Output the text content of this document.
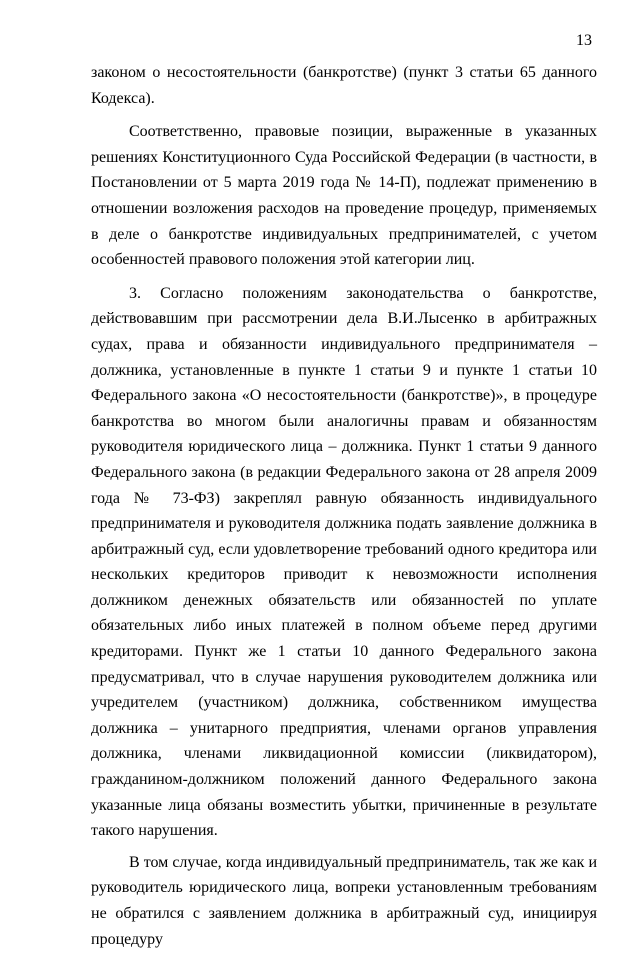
13

законом о несостоятельности (банкротстве) (пункт 3 статьи 65 данного Кодекса).

Соответственно, правовые позиции, выраженные в указанных решениях Конституционного Суда Российской Федерации (в частности, в Постановлении от 5 марта 2019 года № 14-П), подлежат применению в отношении возложения расходов на проведение процедур, применяемых в деле о банкротстве индивидуальных предпринимателей, с учетом особенностей правового положения этой категории лиц.

3. Согласно положениям законодательства о банкротстве, действовавшим при рассмотрении дела В.И.Лысенко в арбитражных судах, права и обязанности индивидуального предпринимателя – должника, установленные в пункте 1 статьи 9 и пункте 1 статьи 10 Федерального закона «О несостоятельности (банкротстве)», в процедуре банкротства во многом были аналогичны правам и обязанностям руководителя юридического лица – должника. Пункт 1 статьи 9 данного Федерального закона (в редакции Федерального закона от 28 апреля 2009 года № 73-ФЗ) закреплял равную обязанность индивидуального предпринимателя и руководителя должника подать заявление должника в арбитражный суд, если удовлетворение требований одного кредитора или нескольких кредиторов приводит к невозможности исполнения должником денежных обязательств или обязанностей по уплате обязательных либо иных платежей в полном объеме перед другими кредиторами. Пункт же 1 статьи 10 данного Федерального закона предусматривал, что в случае нарушения руководителем должника или учредителем (участником) должника, собственником имущества должника – унитарного предприятия, членами органов управления должника, членами ликвидационной комиссии (ликвидатором), гражданином-должником положений данного Федерального закона указанные лица обязаны возместить убытки, причиненные в результате такого нарушения.

В том случае, когда индивидуальный предприниматель, так же как и руководитель юридического лица, вопреки установленным требованиям не обратился с заявлением должника в арбитражный суд, инициируя процедуру
